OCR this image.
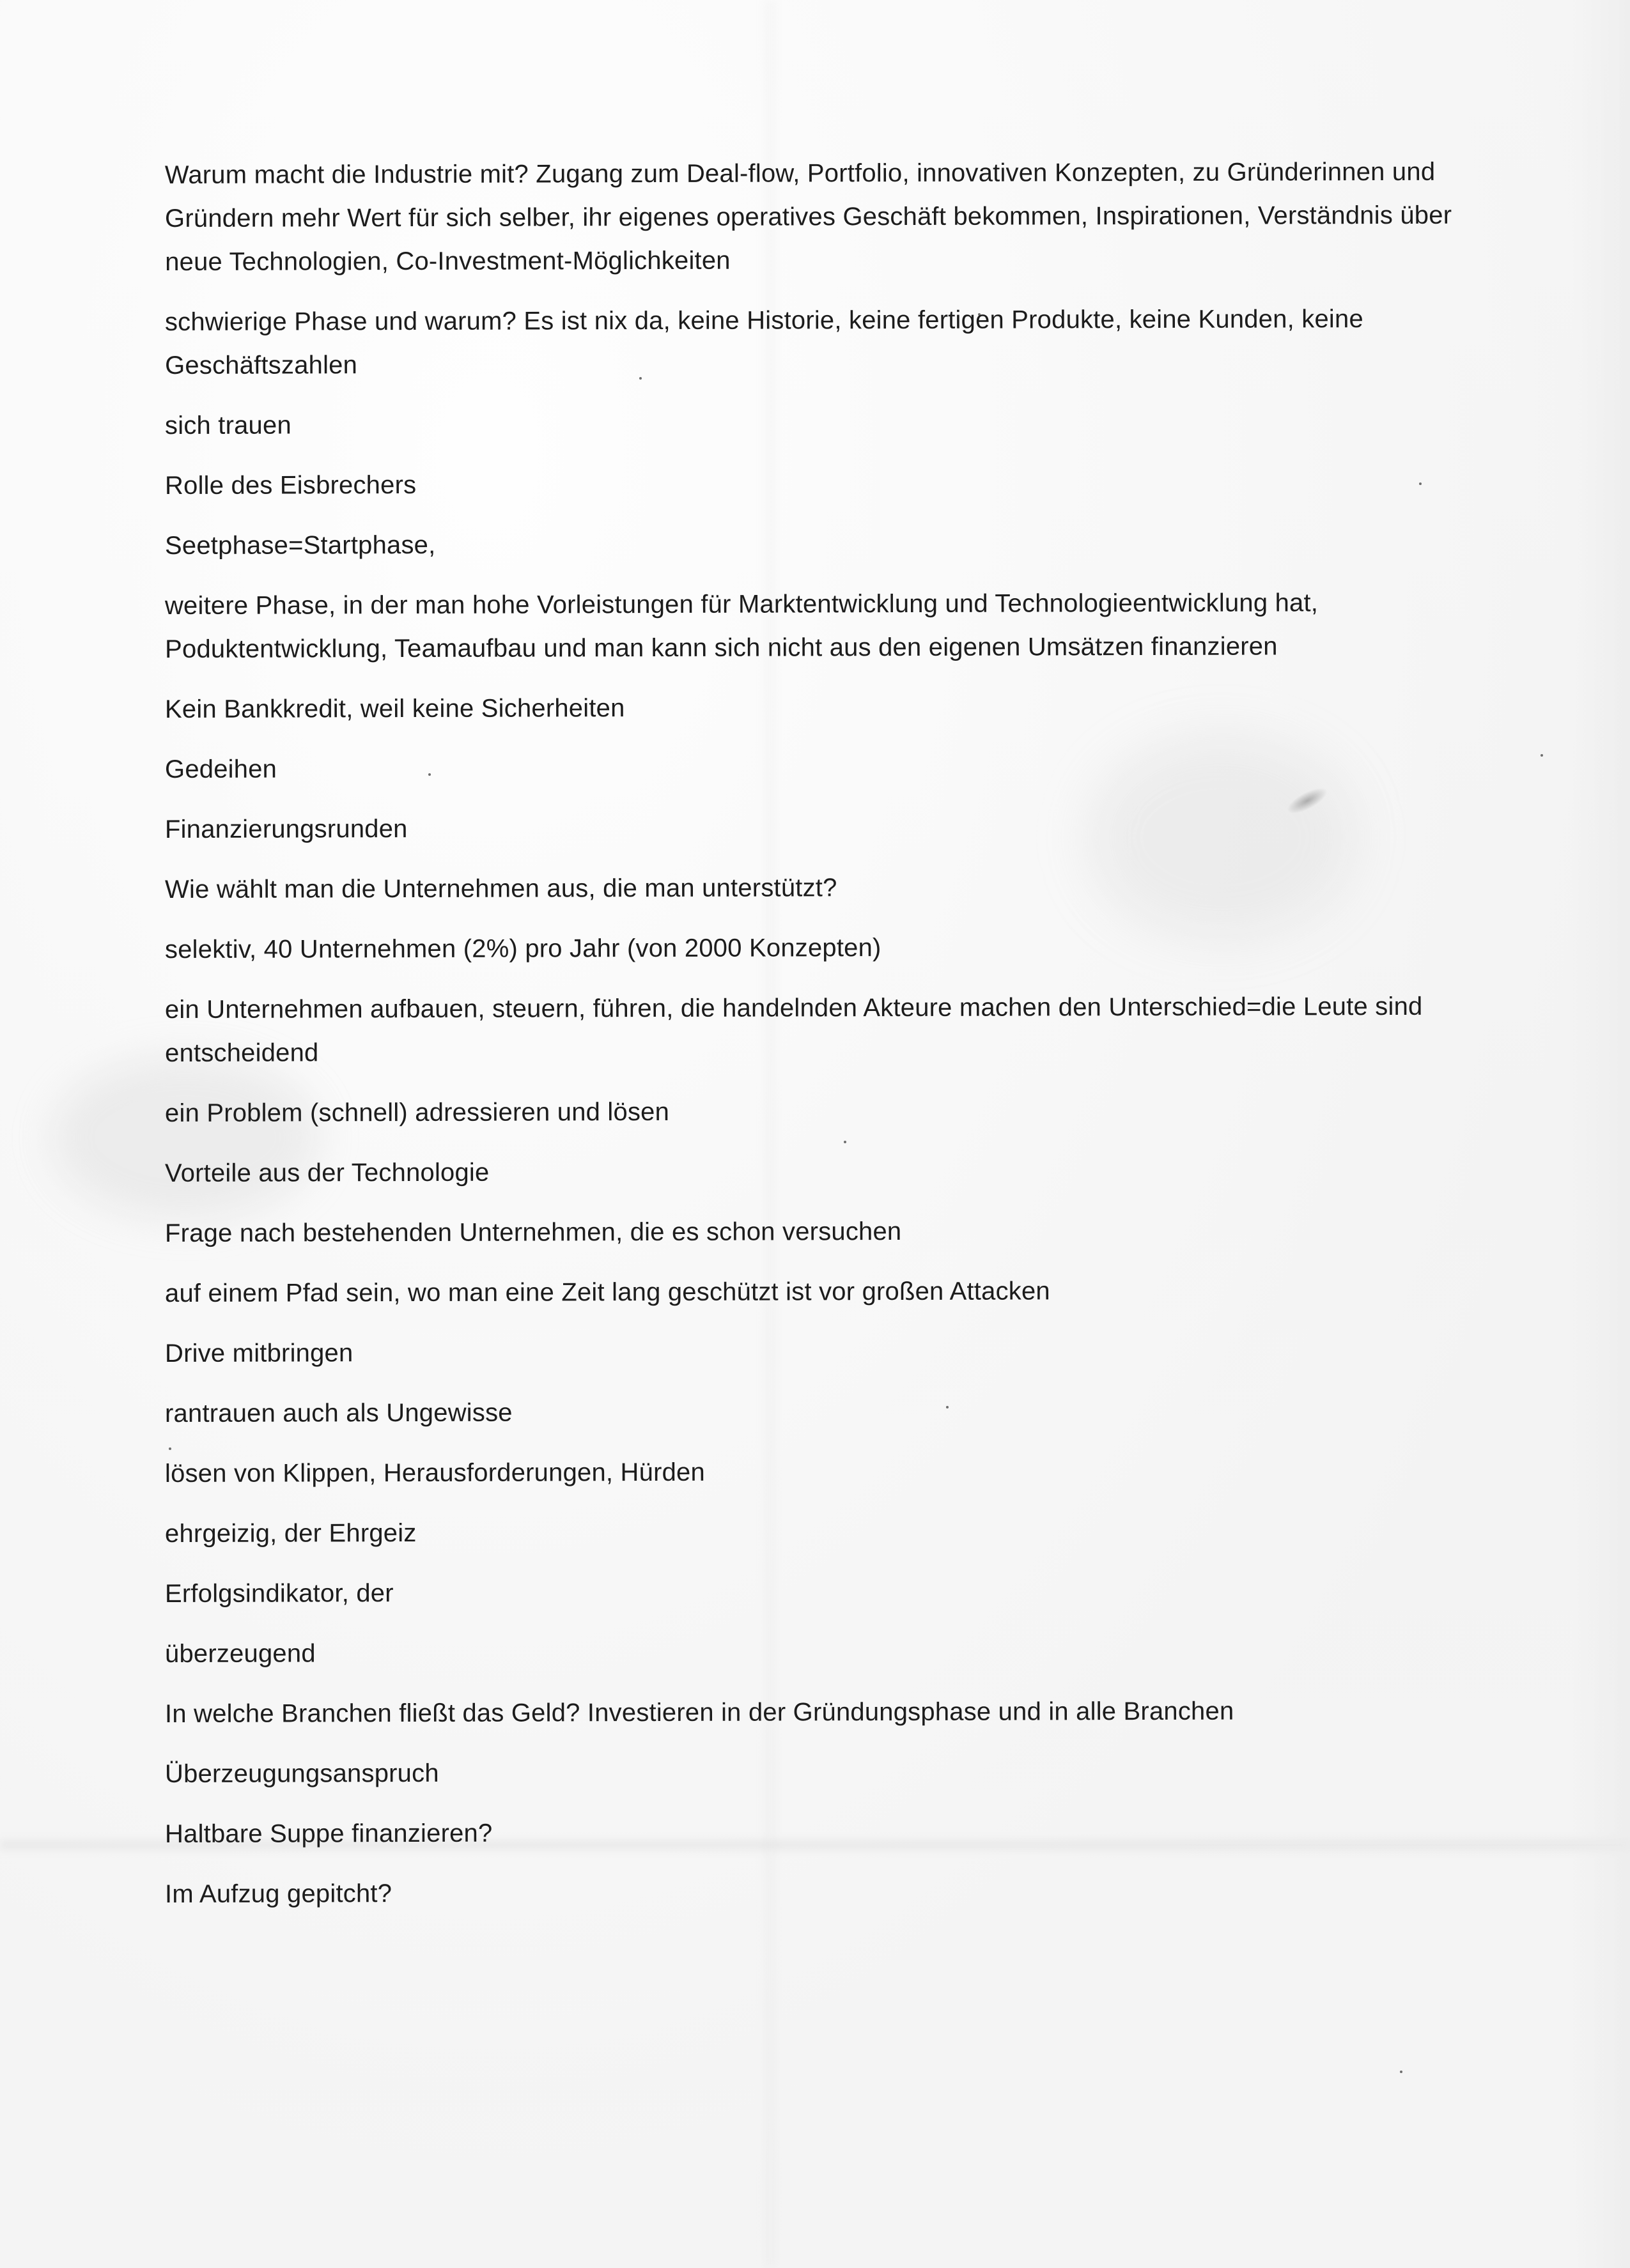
Warum macht die Industrie mit? Zugang zum Deal-flow, Portfolio, innovativen Konzepten, zu Gründerinnen und Gründern mehr Wert für sich selber, ihr eigenes operatives Geschäft bekommen, Inspirationen, Verständnis über neue Technologien, Co-Investment-Möglichkeiten

schwierige Phase und warum? Es ist nix da, keine Historie, keine fertigen Produkte, keine Kunden, keine Geschäftszahlen

sich trauen

Rolle des Eisbrechers

Seetphase=Startphase,

weitere Phase, in der man hohe Vorleistungen für Marktentwicklung und Technologieentwicklung hat, Poduktentwicklung, Teamaufbau und man kann sich nicht aus den eigenen Umsätzen finanzieren

Kein Bankkredit, weil keine Sicherheiten

Gedeihen

Finanzierungsrunden

Wie wählt man die Unternehmen aus, die man unterstützt?

selektiv, 40 Unternehmen (2%) pro Jahr (von 2000 Konzepten)

ein Unternehmen aufbauen, steuern, führen, die handelnden Akteure machen den Unterschied=die Leute sind entscheidend

ein Problem (schnell) adressieren und lösen

Vorteile aus der Technologie

Frage nach bestehenden Unternehmen, die es schon versuchen

auf einem Pfad sein, wo man eine Zeit lang geschützt ist vor großen Attacken

Drive mitbringen

rantrauen auch als Ungewisse

lösen von Klippen, Herausforderungen, Hürden

ehrgeizig, der Ehrgeiz

Erfolgsindikator, der

überzeugend

In welche Branchen fließt das Geld? Investieren in der Gründungsphase und in alle Branchen

Überzeugungsanspruch

Haltbare Suppe finanzieren?

Im Aufzug gepitcht?
